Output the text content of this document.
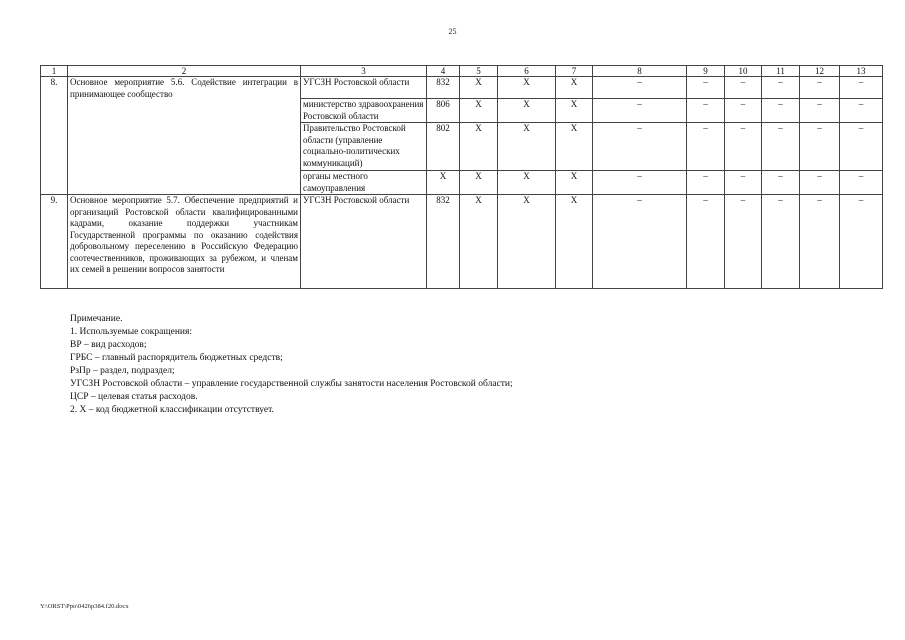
25
1	2	3	4	5	6	7	8	9	10	11	12	13
8.	Основное мероприятие 5.6. Содействие интеграции в принимающее сообщество	УГСЗН Ростовской области	832	Х	Х	Х	–	–	–	–	–	–
		министерство здравоохранения Ростовской области	806	Х	Х	Х	–	–	–	–	–	–
		Правительство Ростовской области (управление социально-политических коммуникаций)	802	Х	Х	Х	–	–	–	–	–	–
		органы местного самоуправления	Х	Х	Х	Х	–	–	–	–	–	–
9.	Основное мероприятие 5.7. Обеспечение предприятий и организаций Ростовской области квалифицированными кадрами, оказание поддержки участникам Государственной программы по оказанию содействия добровольному переселению в Российскую Федерацию соотечественников, проживающих за рубежом, и членам их семей в решении вопросов занятости	УГСЗН Ростовской области	832	Х	Х	Х	–	–	–	–	–	–
Примечание.
1. Используемые сокращения:
ВР – вид расходов;
ГРБС – главный распорядитель бюджетных средств;
РзПр – раздел, подраздел;
УГСЗН Ростовской области – управление государственной службы занятости населения Ростовской области;
ЦСР – целевая статья расходов.
2. Х – код бюджетной классификации отсутствует.
Y:\ORST\Ppo\0426p384.f20.docx
